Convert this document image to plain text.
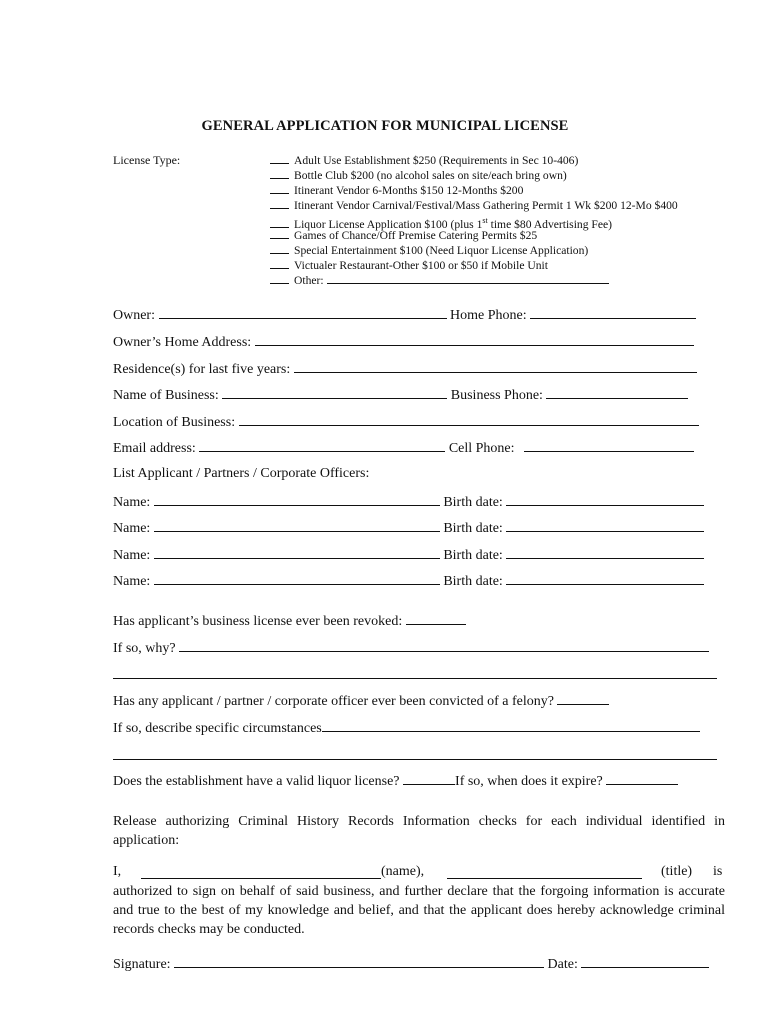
GENERAL APPLICATION FOR MUNICIPAL LICENSE
License Type:	Adult Use Establishment $250 (Requirements in Sec 10-406)
Bottle Club $200 (no alcohol sales on site/each bring own)
Itinerant Vendor 6-Months $150 12-Months $200
Itinerant Vendor Carnival/Festival/Mass Gathering Permit 1 Wk $200 12-Mo $400
Liquor License Application $100 (plus 1st time $80 Advertising Fee)
Games of Chance/Off Premise Catering Permits $25
Special Entertainment $100 (Need Liquor License Application)
Victualer Restaurant-Other $100 or $50 if Mobile Unit
Other:
Owner:	Home Phone:
Owner’s Home Address:
Residence(s) for last five years:
Name of Business:	Business Phone:
Location of Business:
Email address:	Cell Phone:
List Applicant / Partners / Corporate Officers:
Name:	Birth date:
Name:	Birth date:
Name:	Birth date:
Name:	Birth date:
Has applicant’s business license ever been revoked:
If so, why?
Has any applicant / partner / corporate officer ever been convicted of a felony?
If so, describe specific circumstances
Does the establishment have a valid liquor license?	If so, when does it expire?
Release authorizing Criminal History Records Information checks for each individual identified in application:
I,	(name),	(title) is
authorized to sign on behalf of said business, and further declare that the forgoing information is accurate and true to the best of my knowledge and belief, and that the applicant does hereby acknowledge criminal records checks may be conducted.
Signature:	Date:
